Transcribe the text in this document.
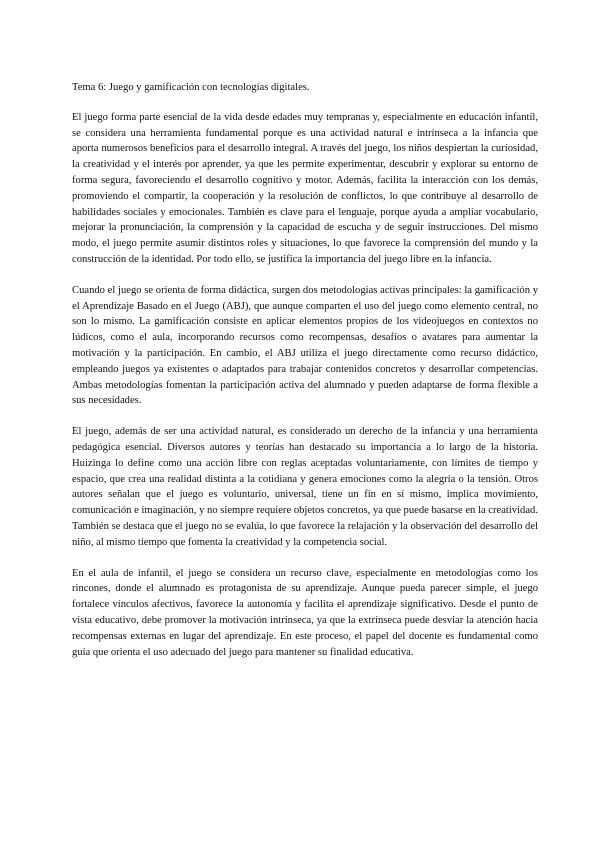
Tema 6: Juego y gamificación con tecnologías digitales.

El juego forma parte esencial de la vida desde edades muy tempranas y, especialmente en educación infantil, se considera una herramienta fundamental porque es una actividad natural e intrínseca a la infancia que aporta numerosos beneficios para el desarrollo integral. A través del juego, los niños despiertan la curiosidad, la creatividad y el interés por aprender, ya que les permite experimentar, descubrir y explorar su entorno de forma segura, favoreciendo el desarrollo cognitivo y motor. Además, facilita la interacción con los demás, promoviendo el compartir, la cooperación y la resolución de conflictos, lo que contribuye al desarrollo de habilidades sociales y emocionales. También es clave para el lenguaje, porque ayuda a ampliar vocabulario, mejorar la pronunciación, la comprensión y la capacidad de escucha y de seguir instrucciones. Del mismo modo, el juego permite asumir distintos roles y situaciones, lo que favorece la comprensión del mundo y la construcción de la identidad. Por todo ello, se justifica la importancia del juego libre en la infancia.

Cuando el juego se orienta de forma didáctica, surgen dos metodologías activas principales: la gamificación y el Aprendizaje Basado en el Juego (ABJ), que aunque comparten el uso del juego como elemento central, no son lo mismo. La gamificación consiste en aplicar elementos propios de los videojuegos en contextos no lúdicos, como el aula, incorporando recursos como recompensas, desafíos o avatares para aumentar la motivación y la participación. En cambio, el ABJ utiliza el juego directamente como recurso didáctico, empleando juegos ya existentes o adaptados para trabajar contenidos concretos y desarrollar competencias. Ambas metodologías fomentan la participación activa del alumnado y pueden adaptarse de forma flexible a sus necesidades.

El juego, además de ser una actividad natural, es considerado un derecho de la infancia y una herramienta pedagógica esencial. Diversos autores y teorías han destacado su importancia a lo largo de la historia. Huizinga lo define como una acción libre con reglas aceptadas voluntariamente, con límites de tiempo y espacio, que crea una realidad distinta a la cotidiana y genera emociones como la alegría o la tensión. Otros autores señalan que el juego es voluntario, universal, tiene un fin en sí mismo, implica movimiento, comunicación e imaginación, y no siempre requiere objetos concretos, ya que puede basarse en la creatividad. También se destaca que el juego no se evalúa, lo que favorece la relajación y la observación del desarrollo del niño, al mismo tiempo que fomenta la creatividad y la competencia social.

En el aula de infantil, el juego se considera un recurso clave, especialmente en metodologías como los rincones, donde el alumnado es protagonista de su aprendizaje. Aunque pueda parecer simple, el juego fortalece vínculos afectivos, favorece la autonomía y facilita el aprendizaje significativo. Desde el punto de vista educativo, debe promover la motivación intrínseca, ya que la extrínseca puede desviar la atención hacia recompensas externas en lugar del aprendizaje. En este proceso, el papel del docente es fundamental como guía que orienta el uso adecuado del juego para mantener su finalidad educativa.
